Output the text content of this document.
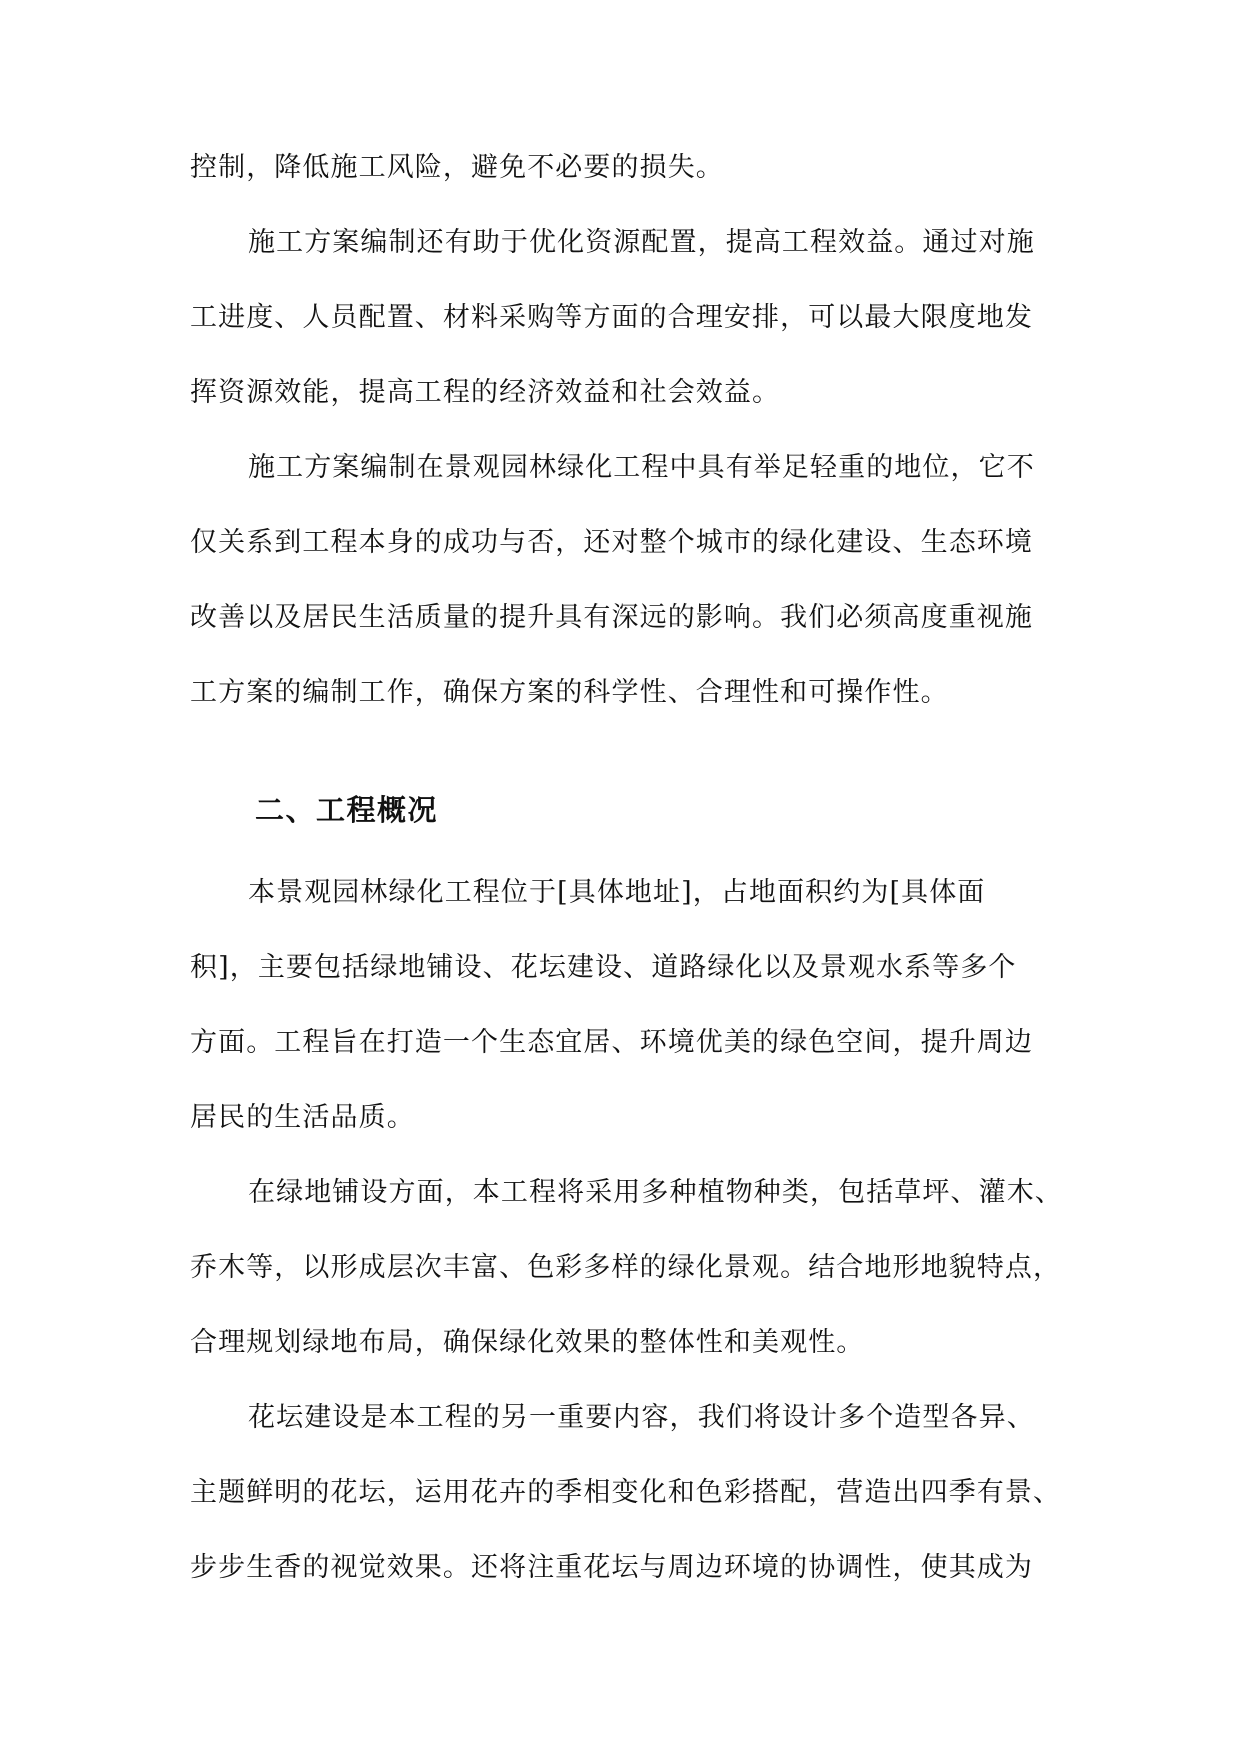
控制，降低施工风险，避免不必要的损失。
施工方案编制还有助于优化资源配置，提高工程效益。通过对施
工进度、人员配置、材料采购等方面的合理安排，可以最大限度地发
挥资源效能，提高工程的经济效益和社会效益。
施工方案编制在景观园林绿化工程中具有举足轻重的地位，它不
仅关系到工程本身的成功与否，还对整个城市的绿化建设、生态环境
改善以及居民生活质量的提升具有深远的影响。我们必须高度重视施
工方案的编制工作，确保方案的科学性、合理性和可操作性。
二、工程概况
本景观园林绿化工程位于[具体地址]，占地面积约为[具体面
积]，主要包括绿地铺设、花坛建设、道路绿化以及景观水系等多个
方面。工程旨在打造一个生态宜居、环境优美的绿色空间，提升周边
居民的生活品质。
在绿地铺设方面，本工程将采用多种植物种类，包括草坪、灌木、
乔木等，以形成层次丰富、色彩多样的绿化景观。结合地形地貌特点，
合理规划绿地布局，确保绿化效果的整体性和美观性。
花坛建设是本工程的另一重要内容，我们将设计多个造型各异、
主题鲜明的花坛，运用花卉的季相变化和色彩搭配，营造出四季有景、
步步生香的视觉效果。还将注重花坛与周边环境的协调性，使其成为
